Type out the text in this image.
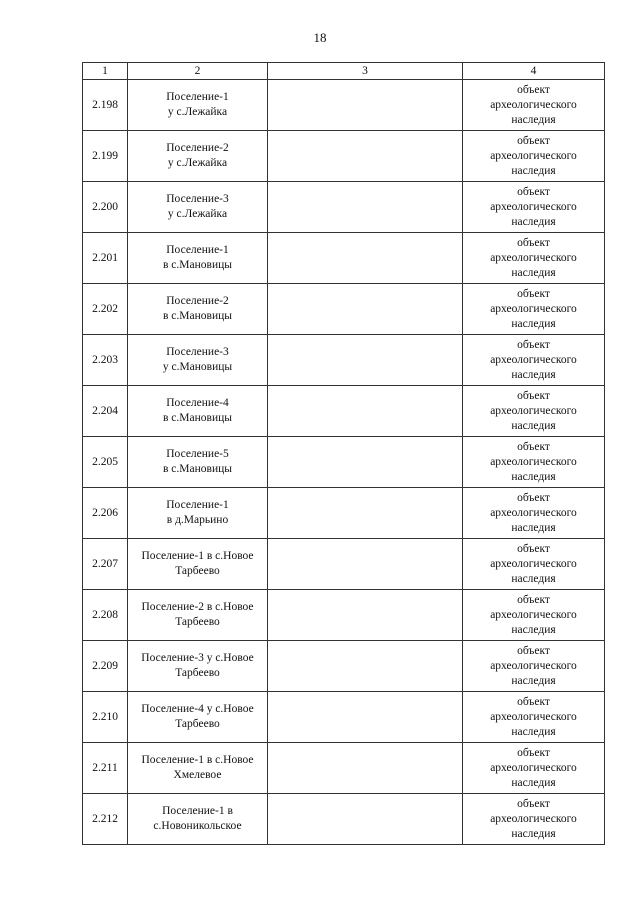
18
1	2	3	4
2.198	Поселение-1
у с.Лежайка		объект
археологического
наследия

2.199	Поселение-2
у с.Лежайка		объект
археологического
наследия

2.200	Поселение-3
у с.Лежайка		объект
археологического
наследия

2.201	Поселение-1
в с.Мановицы		объект
археологического
наследия

2.202	Поселение-2
в с.Мановицы		объект
археологического
наследия

2.203	Поселение-3
у с.Мановицы		объект
археологического
наследия

2.204	Поселение-4
в с.Мановицы		объект
археологического
наследия

2.205	Поселение-5
в с.Мановицы		объект
археологического
наследия

2.206	Поселение-1
в д.Марьино		объект
археологического
наследия

2.207	Поселение-1 в с.Новое
Тарбеево		объект
археологического
наследия

2.208	Поселение-2 в с.Новое
Тарбеево		объект
археологического
наследия

2.209	Поселение-3 у с.Новое
Тарбеево		объект
археологического
наследия

2.210	Поселение-4 у с.Новое
Тарбеево		объект
археологического
наследия

2.211	Поселение-1 в с.Новое
Хмелевое		объект
археологического
наследия

2.212	Поселение-1 в
с.Новоникольское		объект
археологического
наследия
